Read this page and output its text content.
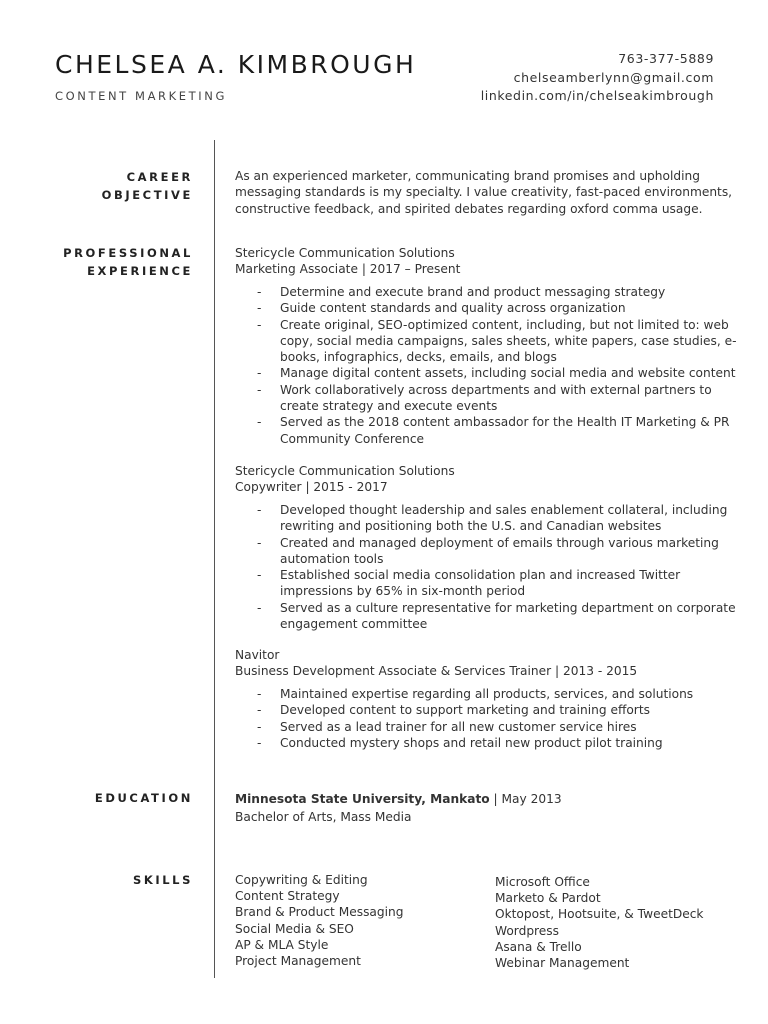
CHELSEA A. KIMBROUGH
CONTENT MARKETING
763-377-5889
chelseamberlynn@gmail.com
linkedin.com/in/chelseakimbrough
CAREER
OBJECTIVE
As an experienced marketer, communicating brand promises and upholding
messaging standards is my specialty. I value creativity, fast-paced environments,
constructive feedback, and spirited debates regarding oxford comma usage.
PROFESSIONAL
EXPERIENCE
Stericycle Communication Solutions
Marketing Associate | 2017 – Present
- Determine and execute brand and product messaging strategy
- Guide content standards and quality across organization
- Create original, SEO-optimized content, including, but not limited to: web
copy, social media campaigns, sales sheets, white papers, case studies, e-
books, infographics, decks, emails, and blogs
- Manage digital content assets, including social media and website content
- Work collaboratively across departments and with external partners to
create strategy and execute events
- Served as the 2018 content ambassador for the Health IT Marketing & PR
Community Conference
Stericycle Communication Solutions
Copywriter | 2015 - 2017
- Developed thought leadership and sales enablement collateral, including
rewriting and positioning both the U.S. and Canadian websites
- Created and managed deployment of emails through various marketing
automation tools
- Established social media consolidation plan and increased Twitter
impressions by 65% in six-month period
- Served as a culture representative for marketing department on corporate
engagement committee
Navitor
Business Development Associate & Services Trainer | 2013 - 2015
- Maintained expertise regarding all products, services, and solutions
- Developed content to support marketing and training efforts
- Served as a lead trainer for all new customer service hires
- Conducted mystery shops and retail new product pilot training
EDUCATION	Minnesota State University, Mankato | May 2013
Bachelor of Arts, Mass Media
SKILLS	Copywriting & Editing
Content Strategy
Brand & Product Messaging
Social Media & SEO
AP & MLA Style
Project Management
Microsoft Office
Marketo & Pardot
Oktopost, Hootsuite, & TweetDeck
Wordpress
Asana & Trello
Webinar Management
